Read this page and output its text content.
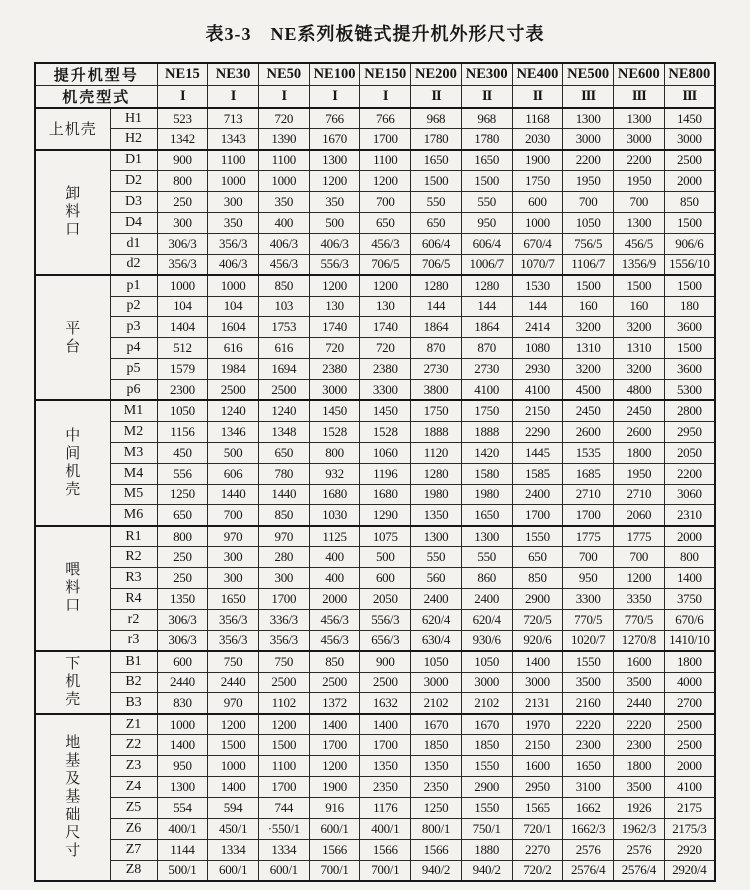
表3-3　NE系列板链式提升机外形尺寸表
提升机型号		NE15	NE30	NE50	NE100	NE150	NE200	NE300	NE400	NE500	NE600	NE800
机壳型式		I	I	I	I	I	II	II	II	III	III	III
上机壳	H1	523	713	720	766	766	968	968	1168	1300	1300	1450
	H2	1342	1343	1390	1670	1700	1780	1780	2030	3000	3000	3000

卸
料
口	D1	900	1100	1100	1300	1100	1650	1650	1900	2200	2200	2500
	D2	800	1000	1000	1200	1200	1500	1500	1750	1950	1950	2000
	D3	250	300	350	350	700	550	550	600	700	700	850
	D4	300	350	400	500	650	650	950	1000	1050	1300	1500
	d1	306/3	356/3	406/3	406/3	456/3	606/4	606/4	670/4	756/5	456/5	906/6
	d2	356/3	406/3	456/3	556/3	706/5	706/5	1006/7	1070/7	1106/7	1356/9	1556/10

平
台	p1	1000	1000	850	1200	1200	1280	1280	1530	1500	1500	1500
	p2	104	104	103	130	130	144	144	144	160	160	180
	p3	1404	1604	1753	1740	1740	1864	1864	2414	3200	3200	3600
	p4	512	616	616	720	720	870	870	1080	1310	1310	1500
	p5	1579	1984	1694	2380	2380	2730	2730	2930	3200	3200	3600
	p6	2300	2500	2500	3000	3300	3800	4100	4100	4500	4800	5300

中
间
机
壳	M1	1050	1240	1240	1450	1450	1750	1750	2150	2450	2450	2800
	M2	1156	1346	1348	1528	1528	1888	1888	2290	2600	2600	2950
	M3	450	500	650	800	1060	1120	1420	1445	1535	1800	2050
	M4	556	606	780	932	1196	1280	1580	1585	1685	1950	2200
	M5	1250	1440	1440	1680	1680	1980	1980	2400	2710	2710	3060
	M6	650	700	850	1030	1290	1350	1650	1700	1700	2060	2310

喂
料
口	R1	800	970	970	1125	1075	1300	1300	1550	1775	1775	2000
	R2	250	300	280	400	500	550	550	650	700	700	800
	R3	250	300	300	400	600	560	860	850	950	1200	1400
	R4	1350	1650	1700	2000	2050	2400	2400	2900	3300	3350	3750
	r2	306/3	356/3	336/3	456/3	556/3	620/4	620/4	720/5	770/5	770/5	670/6
	r3	306/3	356/3	356/3	456/3	656/3	630/4	930/6	920/6	1020/7	1270/8	1410/10

下
机
壳	B1	600	750	750	850	900	1050	1050	1400	1550	1600	1800
	B2	2440	2440	2500	2500	2500	3000	3000	3000	3500	3500	4000
	B3	830	970	1102	1372	1632	2102	2102	2131	2160	2440	2700

地
基
及
基
础
尺
寸
	Z1	1000	1200	1200	1400	1400	1670	1670	1970	2220	2220	2500
	Z2	1400	1500	1500	1700	1700	1850	1850	2150	2300	2300	2500
	Z3	950	1000	1100	1200	1350	1350	1550	1600	1650	1800	2000
	Z4	1300	1400	1700	1900	2350	2350	2900	2950	3100	3500	4100
	Z5	554	594	744	916	1176	1250	1550	1565	1662	1926	2175
	Z6	400/1	450/1	·550/1	600/1	400/1	800/1	750/1	720/1	1662/3	1962/3	2175/3
	Z7	1144	1334	1334	1566	1566	1566	1880	2270	2576	2576	2920
	Z8	500/1	600/1	600/1	700/1	700/1	940/2	940/2	720/2	2576/4	2576/4	2920/4
